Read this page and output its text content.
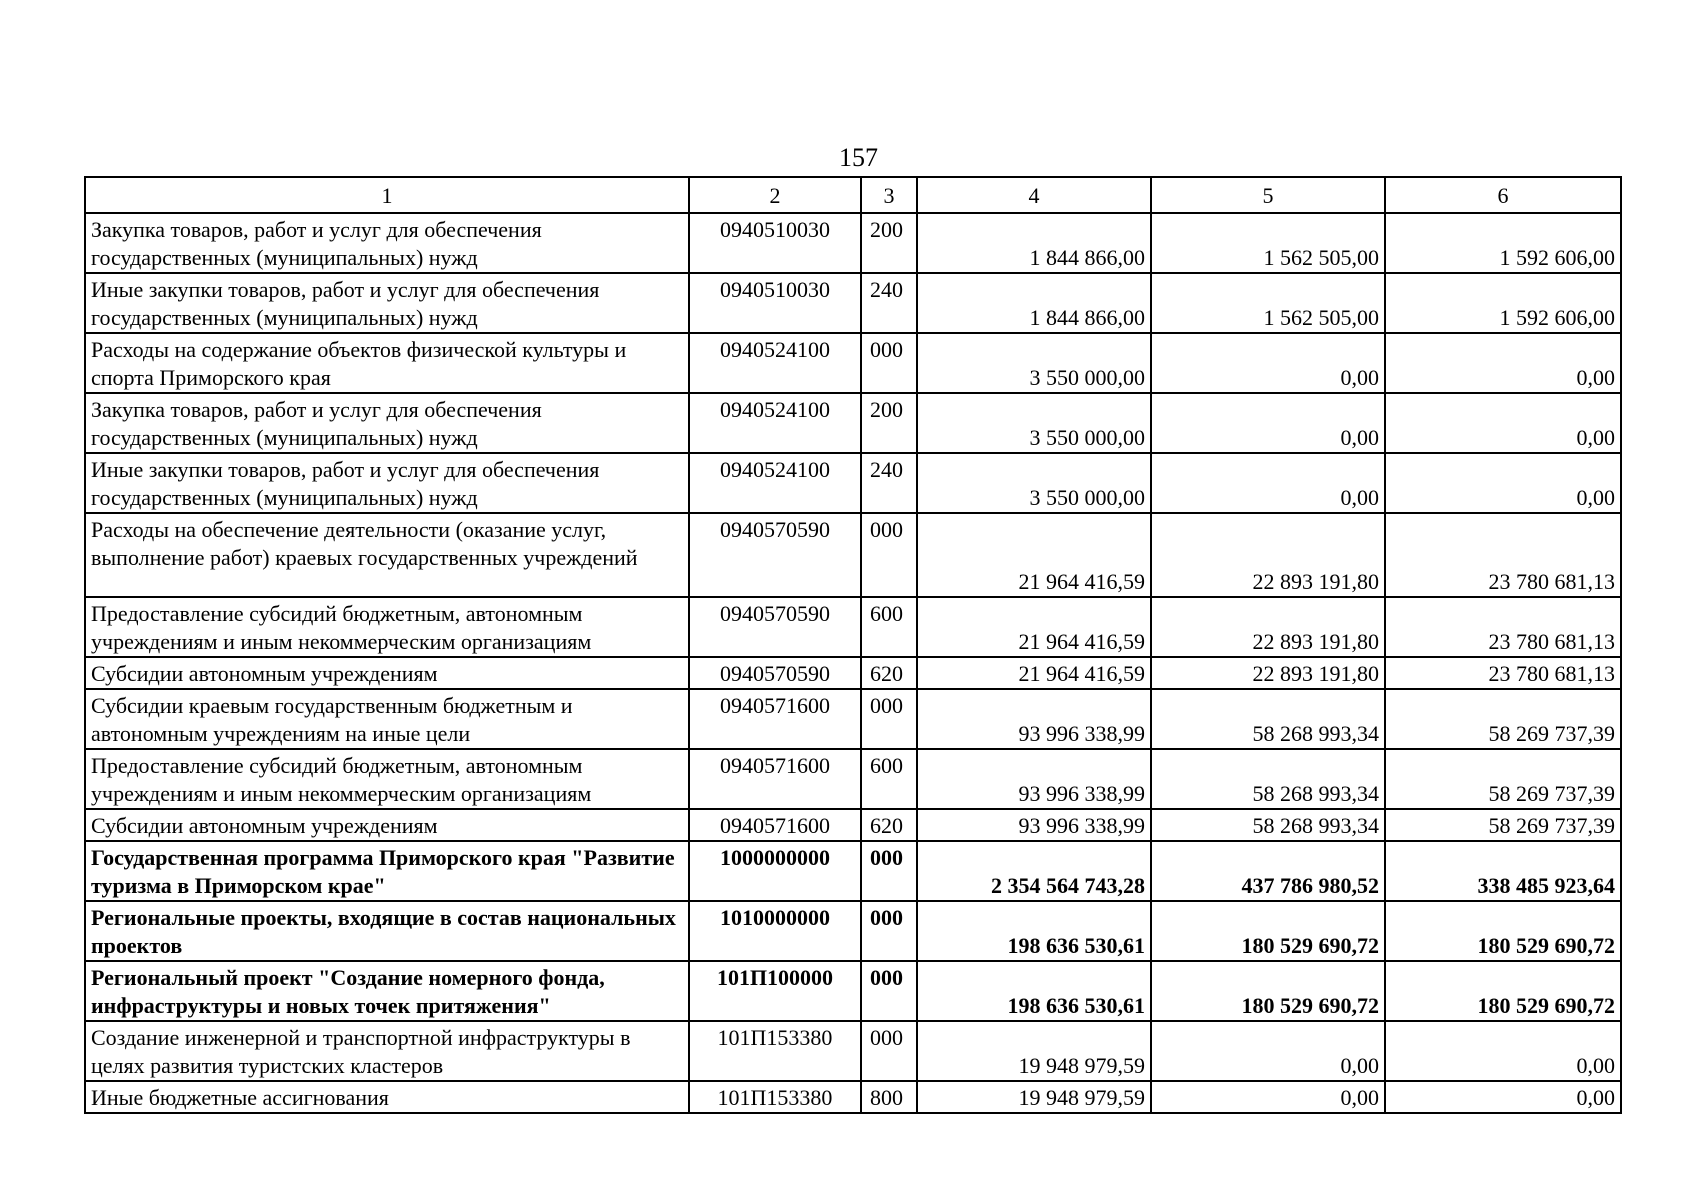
157
1	2	3	4	5	6
Закупка товаров, работ и услуг для обеспечения государственных (муниципальных) нужд	0940510030	200	1 844 866,00	1 562 505,00	1 592 606,00
Иные закупки товаров, работ и услуг для обеспечения государственных (муниципальных) нужд	0940510030	240	1 844 866,00	1 562 505,00	1 592 606,00
Расходы на содержание объектов физической культуры и спорта Приморского края	0940524100	000	3 550 000,00	0,00	0,00
Закупка товаров, работ и услуг для обеспечения государственных (муниципальных) нужд	0940524100	200	3 550 000,00	0,00	0,00
Иные закупки товаров, работ и услуг для обеспечения государственных (муниципальных) нужд	0940524100	240	3 550 000,00	0,00	0,00
Расходы на обеспечение деятельности (оказание услуг, выполнение работ) краевых государственных учреждений	0940570590	000	21 964 416,59	22 893 191,80	23 780 681,13
Предоставление субсидий бюджетным, автономным учреждениям и иным некоммерческим организациям	0940570590	600	21 964 416,59	22 893 191,80	23 780 681,13
Субсидии автономным учреждениям	0940570590	620	21 964 416,59	22 893 191,80	23 780 681,13
Субсидии краевым государственным бюджетным и автономным учреждениям на иные цели	0940571600	000	93 996 338,99	58 268 993,34	58 269 737,39
Предоставление субсидий бюджетным, автономным учреждениям и иным некоммерческим организациям	0940571600	600	93 996 338,99	58 268 993,34	58 269 737,39
Субсидии автономным учреждениям	0940571600	620	93 996 338,99	58 268 993,34	58 269 737,39
Государственная программа Приморского края "Развитие туризма в Приморском крае"	1000000000	000	2 354 564 743,28	437 786 980,52	338 485 923,64
Региональные проекты, входящие в состав национальных проектов	1010000000	000	198 636 530,61	180 529 690,72	180 529 690,72
Региональный проект "Создание номерного фонда, инфраструктуры и новых точек притяжения"	101П100000	000	198 636 530,61	180 529 690,72	180 529 690,72
Создание инженерной и транспортной инфраструктуры в целях развития туристских кластеров	101П153380	000	19 948 979,59	0,00	0,00
Иные бюджетные ассигнования	101П153380	800	19 948 979,59	0,00	0,00
